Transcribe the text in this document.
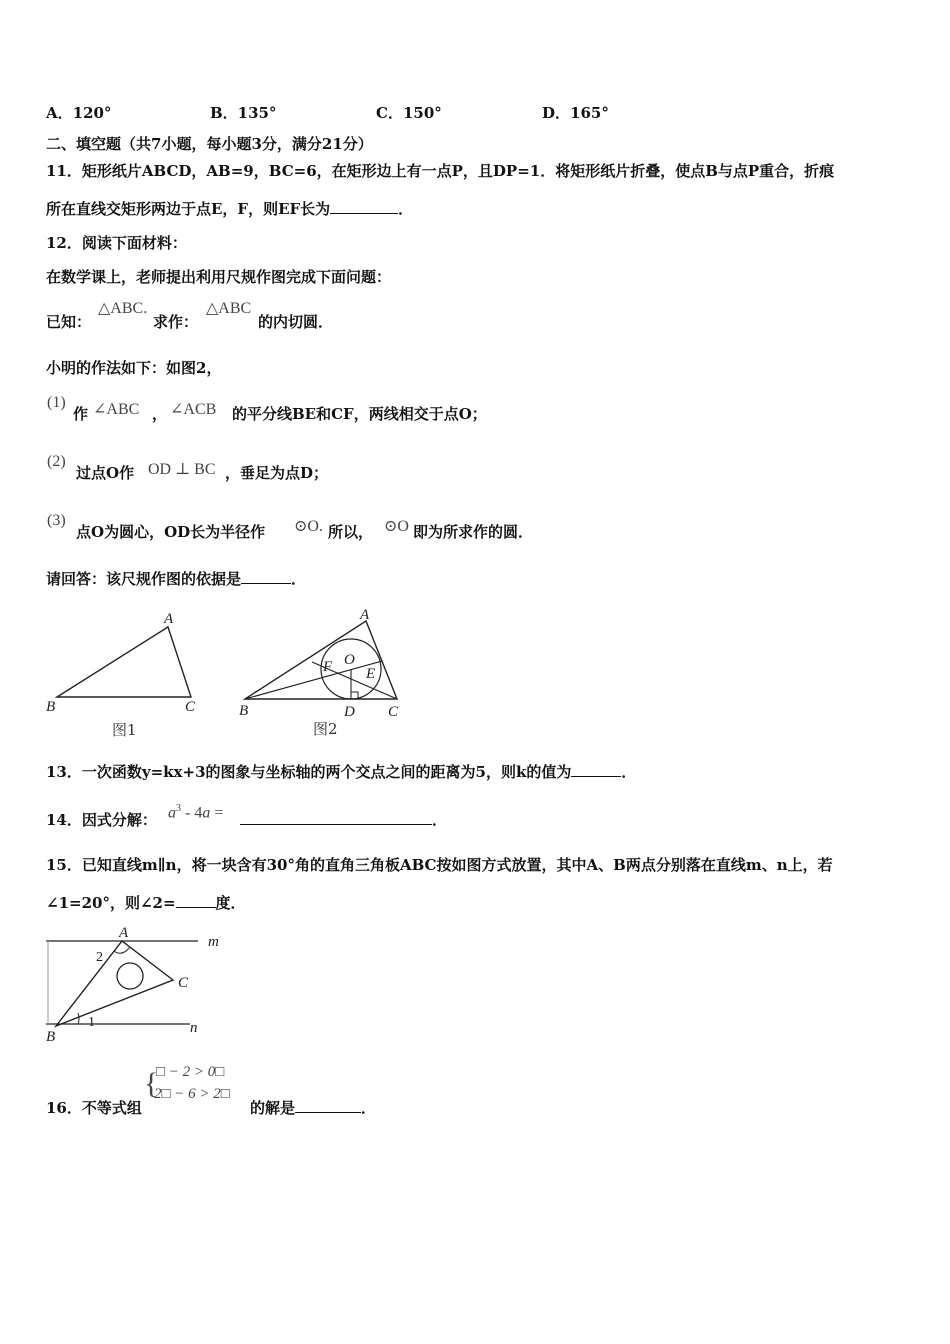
A．120°	B．135°	C．150°	D．165°
二、填空题（共7小题，每小题3分，满分21分）
11．矩形纸片ABCD，AB=9，BC=6，在矩形边上有一点P，且DP=1．将矩形纸片折叠，使点B与点P重合，折痕
所在直线交矩形两边于点E，F，则EF长为	．
12．阅读下面材料：
在数学课上，老师提出利用尺规作图完成下面问题：
已知：
△ABC.
求作：
△ABC
的内切圆．
小明的作法如下：如图2，
(1)
作 ∠ABC ， ∠ACB 的平分线BE和CF，两线相交于点O；
(2)
过点O作 OD ⊥ BC ，垂足为点D；
(3)
点O为圆心，OD长为半径作 ⊙O. 所以， ⊙O 即为所求作的圆．
请回答：该尺规作图的依据是	．
A
B	C
图1
A
B	C
O
F E
D
图2
13．一次函数y=kx+3的图象与坐标轴的两个交点之间的距离为5，则k的值为	．
14．因式分解： $a^3 - 4a$ =	．
15．已知直线m∥n，将一块含有30°角的直角三角板ABC按如图方式放置，其中A、B两点分别落在直线m、n上，若
∠1=20°，则∠2=	度．
A
B
C
m
n
1
2
16．不等式组
{
□ − 2 > 0□
2□ − 6 > 2□
的解是	．
